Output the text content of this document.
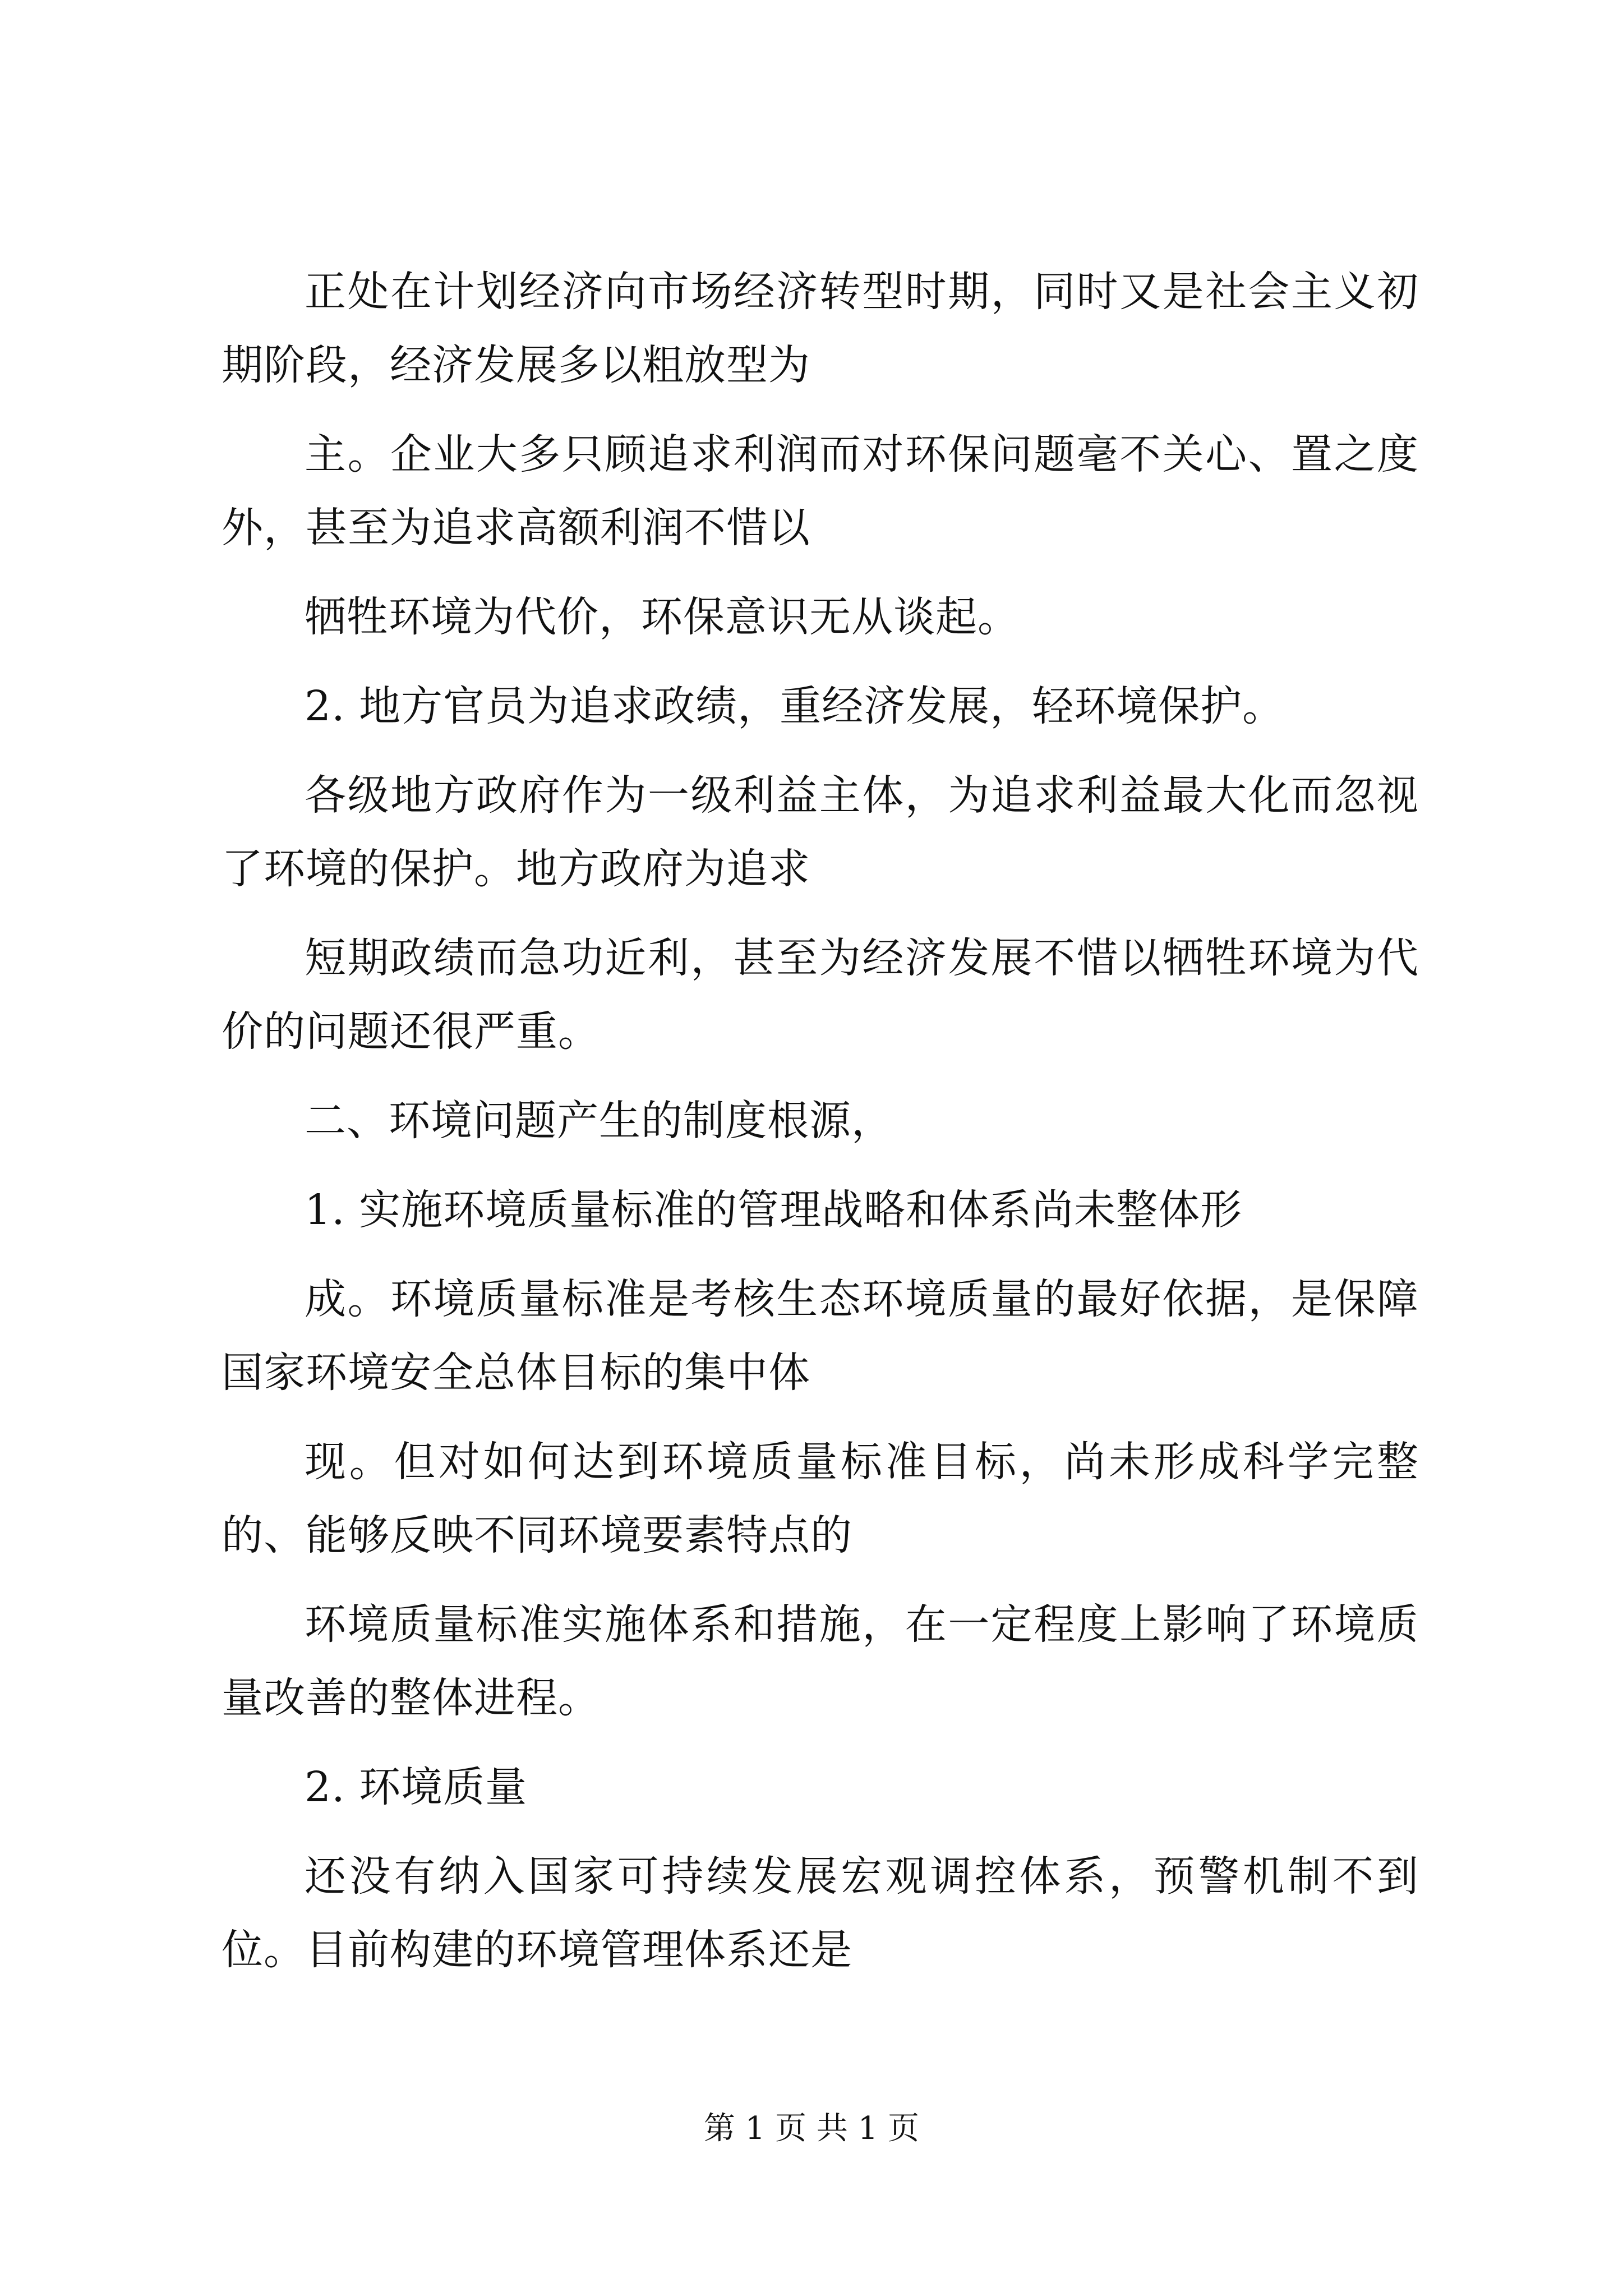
正处在计划经济向市场经济转型时期，同时又是社会主义初期阶段，经济发展多以粗放型为

主。企业大多只顾追求利润而对环保问题毫不关心、置之度外，甚至为追求高额利润不惜以

牺牲环境为代价，环保意识无从谈起。

2. 地方官员为追求政绩，重经济发展，轻环境保护。

各级地方政府作为一级利益主体，为追求利益最大化而忽视了环境的保护。地方政府为追求

短期政绩而急功近利，甚至为经济发展不惜以牺牲环境为代价的问题还很严重。

二、环境问题产生的制度根源，

1. 实施环境质量标准的管理战略和体系尚未整体形

成。环境质量标准是考核生态环境质量的最好依据，是保障国家环境安全总体目标的集中体

现。但对如何达到环境质量标准目标，尚未形成科学完整的、能够反映不同环境要素特点的

环境质量标准实施体系和措施，在一定程度上影响了环境质量改善的整体进程。

2. 环境质量

还没有纳入国家可持续发展宏观调控体系，预警机制不到位。目前构建的环境管理体系还是

第 1 页 共 1 页
